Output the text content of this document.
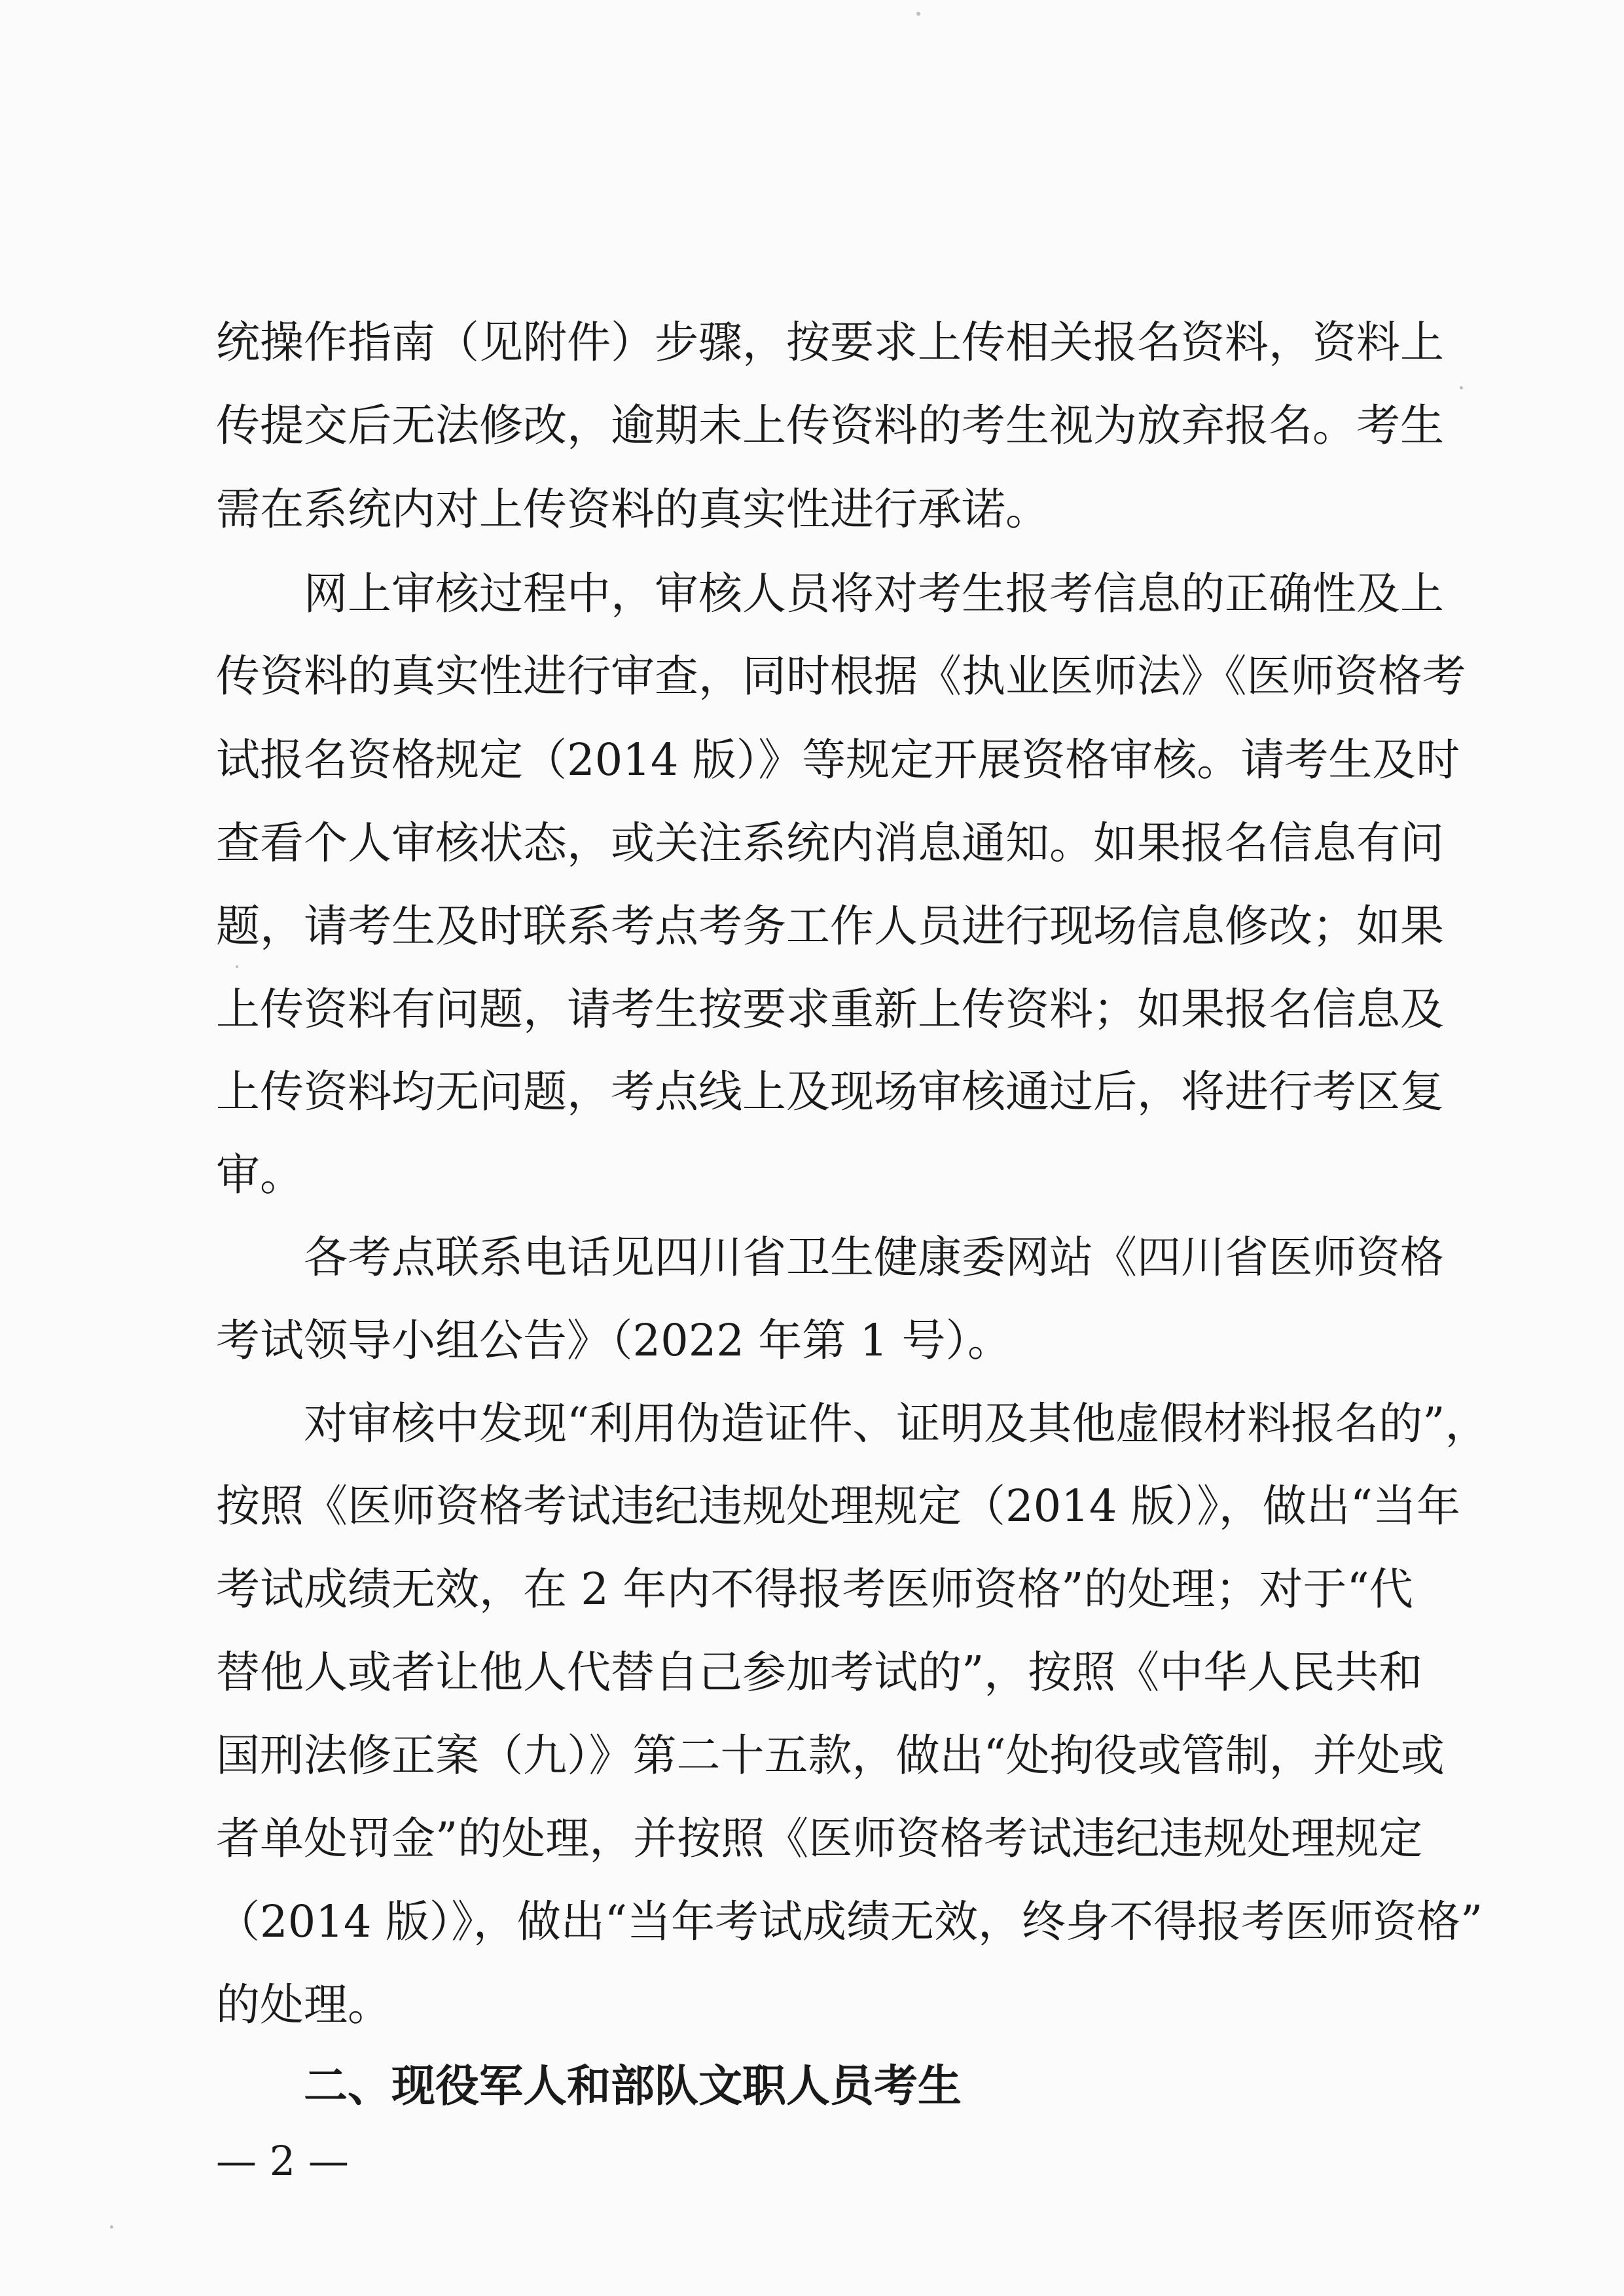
统操作指南（见附件）步骤，按要求上传相关报名资料，资料上
传提交后无法修改，逾期未上传资料的考生视为放弃报名。考生
需在系统内对上传资料的真实性进行承诺。
　　网上审核过程中，审核人员将对考生报考信息的正确性及上
传资料的真实性进行审查，同时根据《执业医师法》《医师资格考
试报名资格规定（2014 版）》等规定开展资格审核。请考生及时
查看个人审核状态，或关注系统内消息通知。如果报名信息有问
题，请考生及时联系考点考务工作人员进行现场信息修改；如果
上传资料有问题，请考生按要求重新上传资料；如果报名信息及
上传资料均无问题，考点线上及现场审核通过后，将进行考区复
审。
　　各考点联系电话见四川省卫生健康委网站《四川省医师资格
考试领导小组公告》（2022 年第 1 号）。
　　对审核中发现“利用伪造证件、证明及其他虚假材料报名的”，
按照《医师资格考试违纪违规处理规定（2014 版）》，做出“当年
考试成绩无效，在 2 年内不得报考医师资格”的处理；对于“代
替他人或者让他人代替自己参加考试的”，按照《中华人民共和
国刑法修正案（九）》第二十五款，做出“处拘役或管制，并处或
者单处罚金”的处理，并按照《医师资格考试违纪违规处理规定
（2014 版）》，做出“当年考试成绩无效，终身不得报考医师资格”
的处理。
　　二、现役军人和部队文职人员考生
— 2 —
